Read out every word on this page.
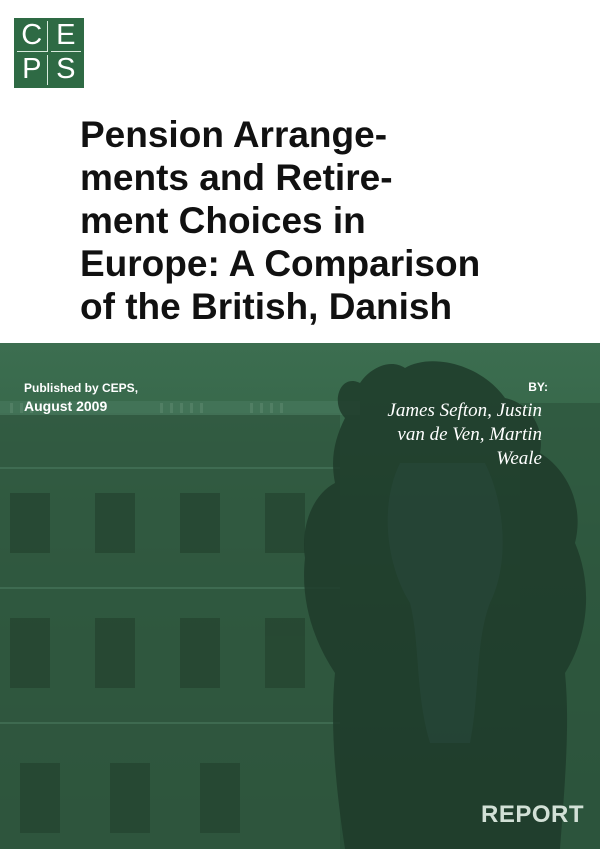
C E
P S
Pension Arrange-
ments and Retire-
ment Choices in
Europe: A Comparison
of the British, Danish
Published by CEPS,
August 2009
BY:
James Sefton, Justin
van de Ven, Martin
Weale
REPORT
